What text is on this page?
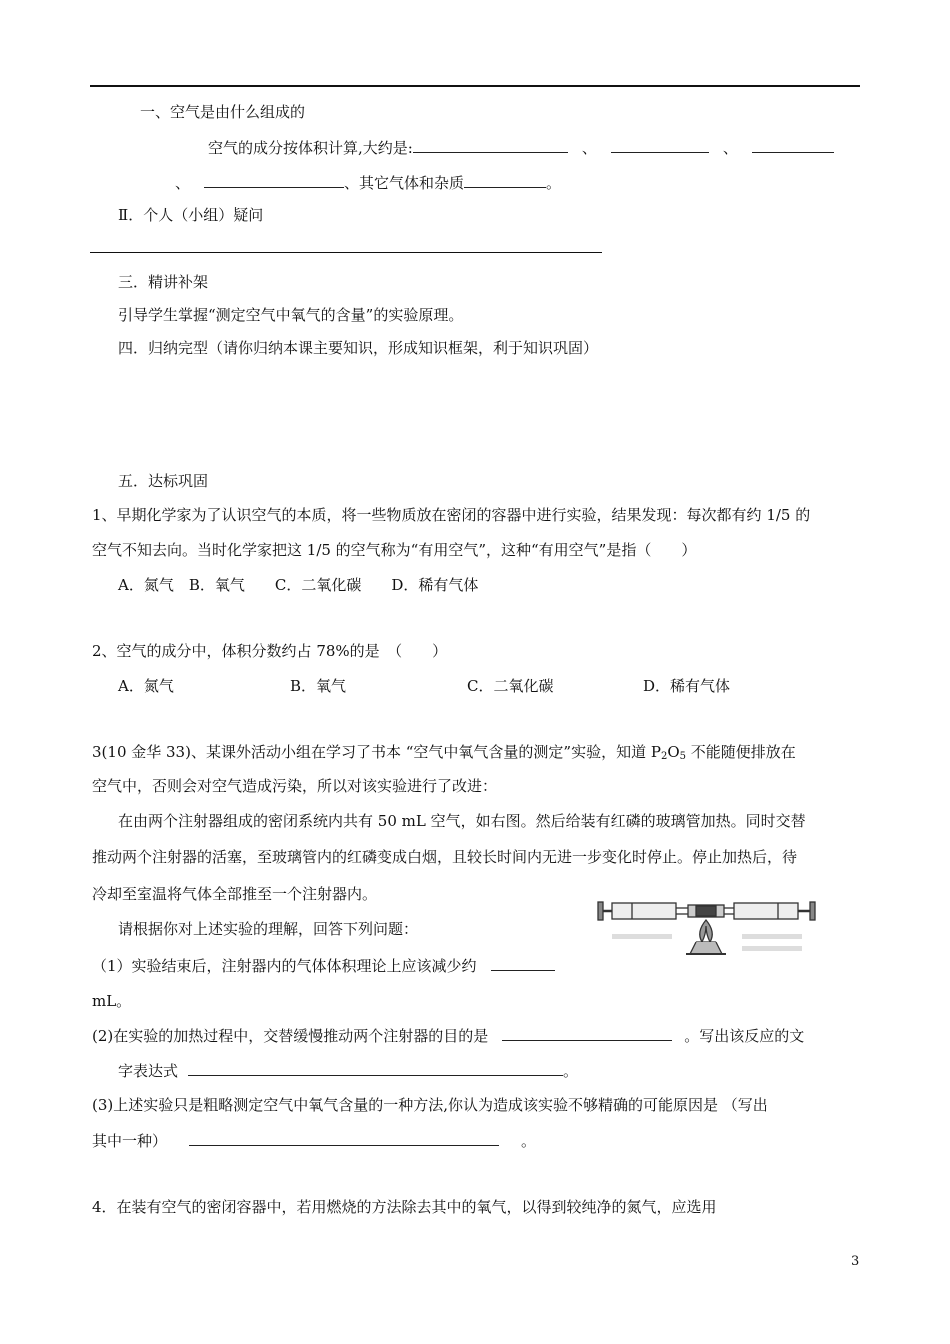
一、空气是由什么组成的
空气的成分按体积计算,大约是:	、	、
、	、其它气体和杂质	。
Ⅱ．个人（小组）疑问
三．精讲补架
引导学生掌握“测定空气中氧气的含量”的实验原理。
四．归纳完型（请你归纳本课主要知识，形成知识框架，利于知识巩固）
五．达标巩固
1、早期化学家为了认识空气的本质，将一些物质放在密闭的容器中进行实验，结果发现：每次都有约 1/5 的
空气不知去向。当时化学家把这 1/5 的空气称为“有用空气”，这种“有用空气”是指（　　）
A．氮气　B．氧气　　C．二氧化碳　　D．稀有气体
2、空气的成分中，体积分数约占 78%的是　（　　）
A．氮气	B．氧气	C．二氧化碳	D．稀有气体
3(10 金华 33)、某课外活动小组在学习了书本 “空气中氧气含量的测定”实验，知道 $P_2O_5$ 不能随便排放在
空气中，否则会对空气造成污染，所以对该实验进行了改进：
在由两个注射器组成的密闭系统内共有 50 mL 空气，如右图。然后给装有红磷的玻璃管加热。同时交替
推动两个注射器的活塞，至玻璃管内的红磷变成白烟，且较长时间内无进一步变化时停止。停止加热后，待
冷却至室温将气体全部推至一个注射器内。
请根据你对上述实验的理解，回答下列问题：
（1）实验结束后，注射器内的气体体积理论上应该减少约
mL。
(2)在实验的加热过程中，交替缓慢推动两个注射器的目的是	。写出该反应的文
字表达式	。
(3)上述实验只是粗略测定空气中氧气含量的一种方法,你认为造成该实验不够精确的可能原因是 （写出
其中一种）	。
4．在装有空气的密闭容器中，若用燃烧的方法除去其中的氧气，以得到较纯净的氮气，应选用
3
